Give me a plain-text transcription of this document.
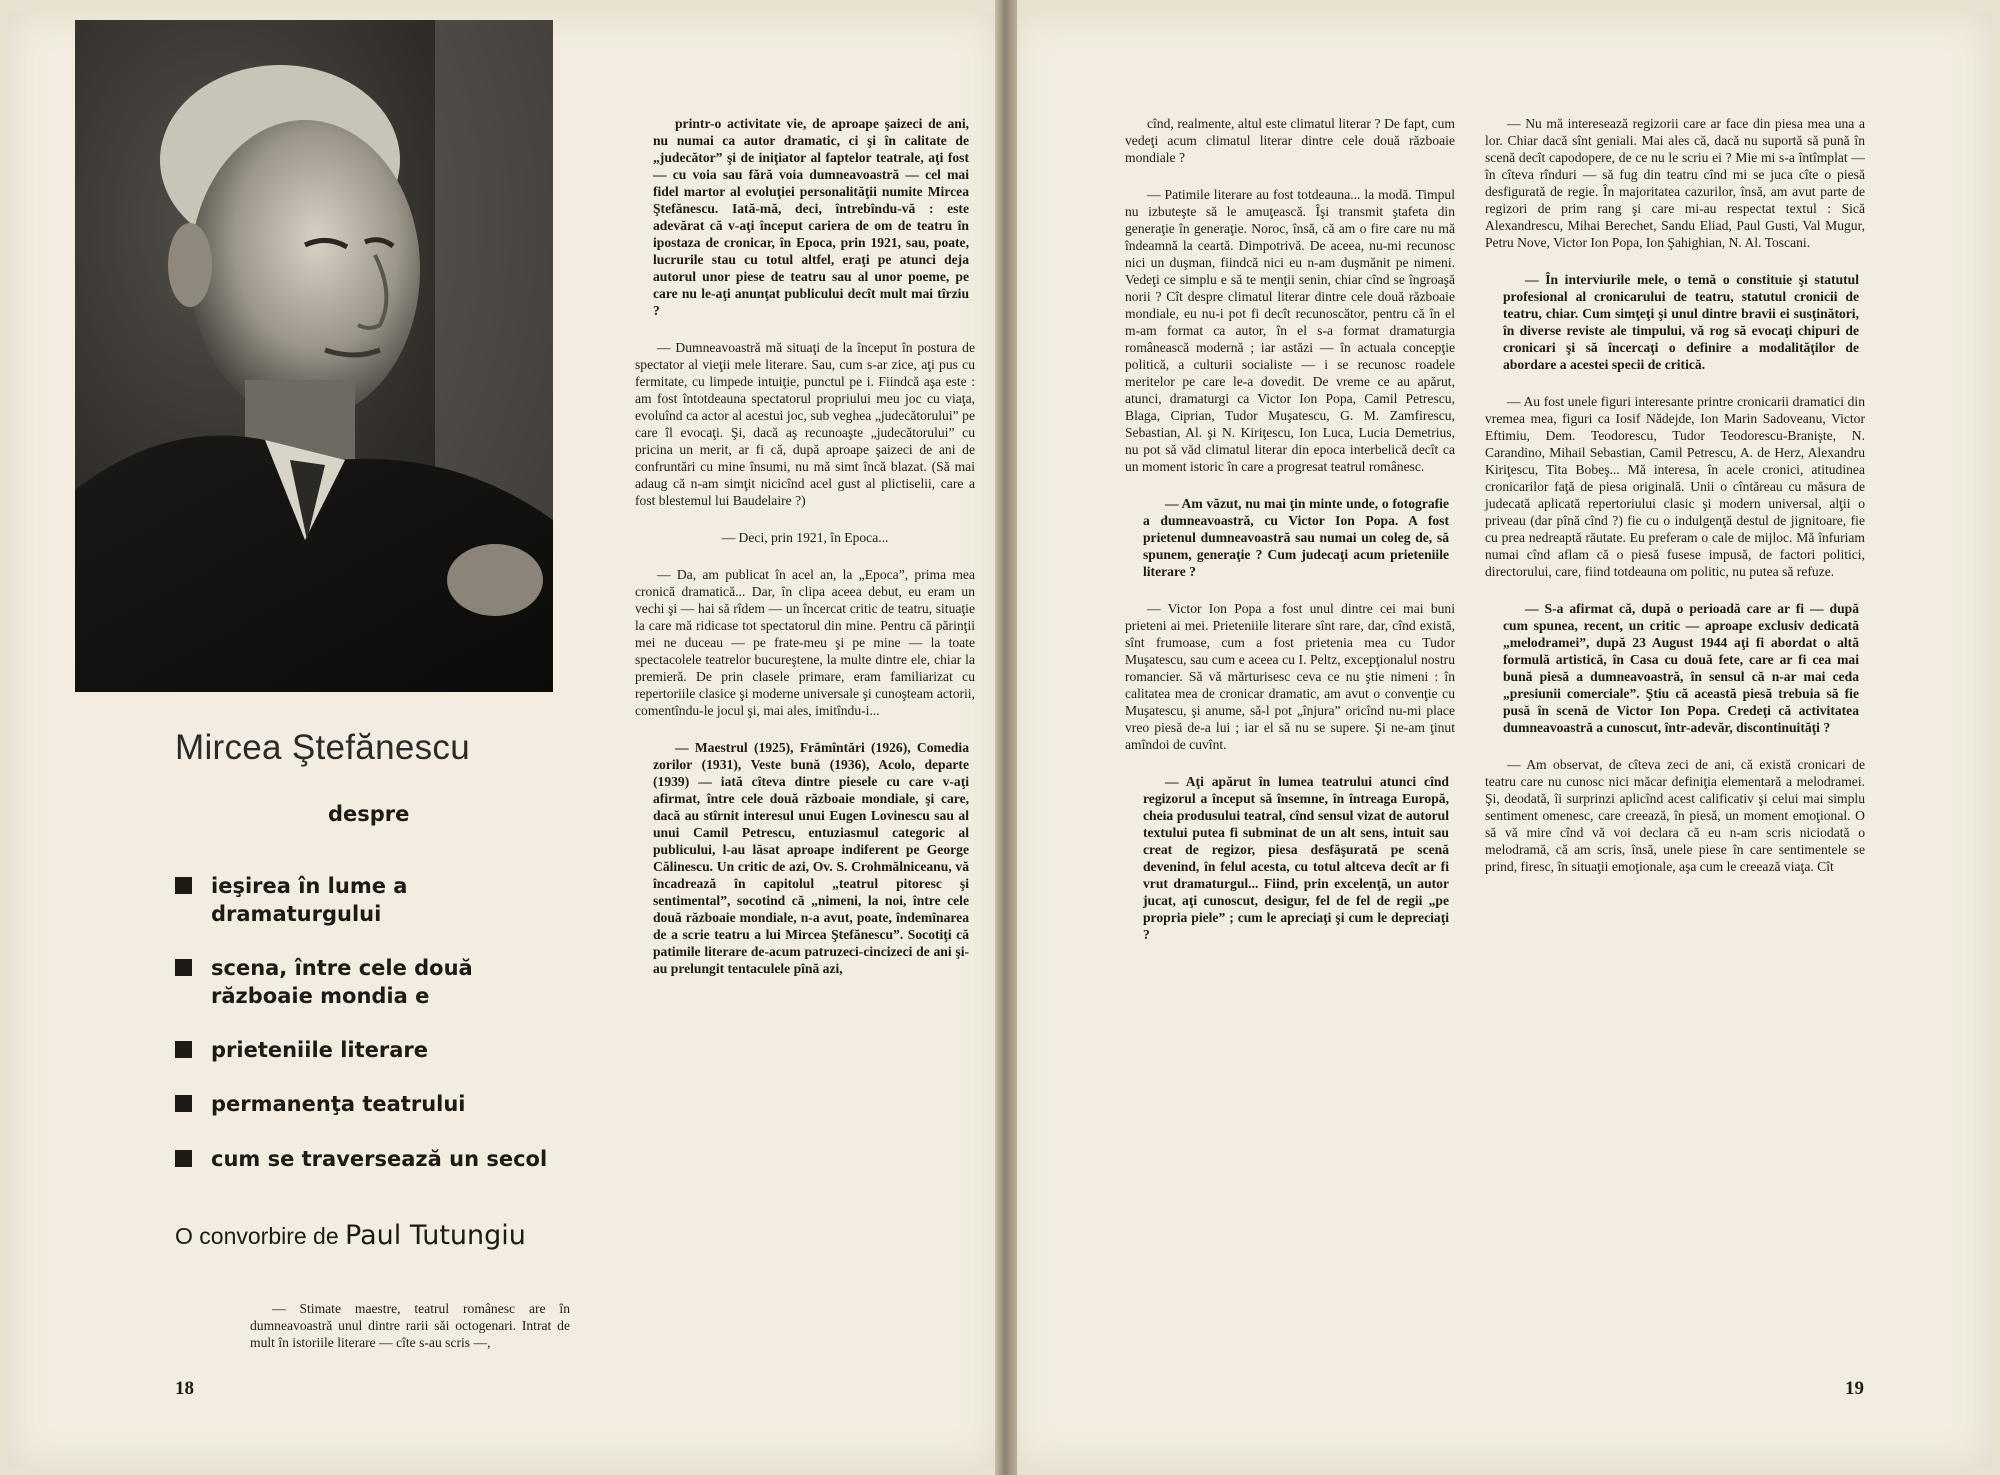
Mircea Ştefănescu
despre
ieşirea în lume a dramaturgului
scena, între cele două războaie mondia e
prieteniile literare
permanenţa teatrului
cum se traversează un secol
O convorbire de Paul Tutungiu

— Stimate maestre, teatrul românesc are în dumneavoastră unul dintre rarii săi octogenari. Intrat de mult în istoriile literare — cîte s-au scris —,

printr-o activitate vie, de aproape şaizeci de ani, nu numai ca autor dramatic, ci şi în calitate de „judecător” şi de iniţiator al faptelor teatrale, aţi fost — cu voia sau fără voia dumneavoastră — cel mai fidel martor al evoluţiei personalităţii numite Mircea Ştefănescu. Iată-mă, deci, întrebîndu-vă : este adevărat că v-aţi început cariera de om de teatru în ipostaza de cronicar, în Epoca, prin 1921, sau, poate, lucrurile stau cu totul altfel, eraţi pe atunci deja autorul unor piese de teatru sau al unor poeme, pe care nu le-aţi anunţat publicului decît mult mai tîrziu ?

— Dumneavoastră mă situaţi de la început în postura de spectator al vieţii mele literare. Sau, cum s-ar zice, aţi pus cu fermitate, cu limpede intuiţie, punctul pe i. Fiindcă aşa este : am fost întotdeauna spectatorul propriului meu joc cu viaţa, evoluînd ca actor al acestui joc, sub veghea „judecătorului” pe care îl evocaţi. Şi, dacă aş recunoaşte „judecătorului” cu pricina un merit, ar fi că, după aproape şaizeci de ani de confruntări cu mine însumi, nu mă simt încă blazat. (Să mai adaug că n-am simţit nicicînd acel gust al plictiselii, care a fost blestemul lui Baudelaire ?)

— Deci, prin 1921, în Epoca...

— Da, am publicat în acel an, la „Epoca”, prima mea cronică dramatică... Dar, în clipa aceea debut, eu eram un vechi şi — hai să rîdem — un încercat critic de teatru, situaţie la care mă ridicase tot spectatorul din mine. Pentru că părinţii mei ne duceau — pe frate-meu şi pe mine — la toate spectacolele teatrelor bucureştene, la multe dintre ele, chiar la premieră. De prin clasele primare, eram familiarizat cu repertoriile clasice şi moderne universale şi cunoşteam actorii, comentîndu-le jocul şi, mai ales, imitîndu-i...

— Maestrul (1925), Frămîntări (1926), Comedia zorilor (1931), Veste bună (1936), Acolo, departe (1939) — iată cîteva dintre piesele cu care v-aţi afirmat, între cele două războaie mondiale, şi care, dacă au stîrnit interesul unui Eugen Lovinescu sau al unui Camil Petrescu, entuziasmul categoric al publicului, l-au lăsat aproape indiferent pe George Călinescu. Un critic de azi, Ov. S. Crohmălniceanu, vă încadrează în capitolul „teatrul pitoresc şi sentimental”, socotind că „nimeni, la noi, între cele două războaie mondiale, n-a avut, poate, îndemînarea de a scrie teatru a lui Mircea Ştefănescu”. Socotiţi că patimile literare de-acum patruzeci-cincizeci de ani şi-au prelungit tentaculele pînă azi,

18

cînd, realmente, altul este climatul literar ? De fapt, cum vedeţi acum climatul literar dintre cele două războaie mondiale ?

— Patimile literare au fost totdeauna... la modă. Timpul nu izbuteşte să le amuţească. Îşi transmit ştafeta din generaţie în generaţie. Noroc, însă, că am o fire care nu mă îndeamnă la ceartă. Dimpotrivă. De aceea, nu-mi recunosc nici un duşman, fiindcă nici eu n-am duşmănit pe nimeni. Vedeţi ce simplu e să te menţii senin, chiar cînd se îngroaşă norii ? Cît despre climatul literar dintre cele două războaie mondiale, eu nu-i pot fi decît recunoscător, pentru că în el m-am format ca autor, în el s-a format dramaturgia românească modernă ; iar astăzi — în actuala concepţie politică, a culturii socialiste — i se recunosc roadele meritelor pe care le-a dovedit. De vreme ce au apărut, atunci, dramaturgi ca Victor Ion Popa, Camil Petrescu, Blaga, Ciprian, Tudor Muşatescu, G. M. Zamfirescu, Sebastian, Al. şi N. Kiriţescu, Ion Luca, Lucia Demetrius, nu pot să văd climatul literar din epoca interbelică decît ca un moment istoric în care a progresat teatrul românesc.

— Am văzut, nu mai ţin minte unde, o fotografie a dumneavoastră, cu Victor Ion Popa. A fost prietenul dumneavoastră sau numai un coleg de, să spunem, generaţie ? Cum judecaţi acum prieteniile literare ?

— Victor Ion Popa a fost unul dintre cei mai buni prieteni ai mei. Prieteniile literare sînt rare, dar, cînd există, sînt frumoase, cum a fost prietenia mea cu Tudor Muşatescu, sau cum e aceea cu I. Peltz, excepţionalul nostru romancier. Să vă mărturisesc ceva ce nu ştie nimeni : în calitatea mea de cronicar dramatic, am avut o convenţie cu Muşatescu, şi anume, să-l pot „înjura” oricînd nu-mi place vreo piesă de-a lui ; iar el să nu se supere. Şi ne-am ţinut amîndoi de cuvînt.

— Aţi apărut în lumea teatrului atunci cînd regizorul a început să însemne, în întreaga Europă, cheia produsului teatral, cînd sensul vizat de autorul textului putea fi subminat de un alt sens, intuit sau creat de regizor, piesa desfăşurată pe scenă devenind, în felul acesta, cu totul altceva decît ar fi vrut dramaturgul... Fiind, prin excelenţă, un autor jucat, aţi cunoscut, desigur, fel de fel de regii „pe propria piele” ; cum le apreciaţi şi cum le depreciaţi ?

— Nu mă interesează regizorii care ar face din piesa mea una a lor. Chiar dacă sînt geniali. Mai ales că, dacă nu suportă să pună în scenă decît capodopere, de ce nu le scriu ei ? Mie mi s-a întîmplat — în cîteva rînduri — să fug din teatru cînd mi se juca cîte o piesă desfigurată de regie. În majoritatea cazurilor, însă, am avut parte de regizori de prim rang şi care mi-au respectat textul : Sică Alexandrescu, Mihai Berechet, Sandu Eliad, Paul Gusti, Val Mugur, Petru Nove, Victor Ion Popa, Ion Şahighian, N. Al. Toscani.

— În interviurile mele, o temă o constituie şi statutul profesional al cronicarului de teatru, statutul cronicii de teatru, chiar. Cum simţeţi şi unul dintre bravii ei susţinători, în diverse reviste ale timpului, vă rog să evocaţi chipuri de cronicari şi să încercaţi o definire a modalităţilor de abordare a acestei specii de critică.

— Au fost unele figuri interesante printre cronicarii dramatici din vremea mea, figuri ca Iosif Nădejde, Ion Marin Sadoveanu, Victor Eftimiu, Dem. Teodorescu, Tudor Teodorescu-Branişte, N. Carandino, Mihail Sebastian, Camil Petrescu, A. de Herz, Alexandru Kiriţescu, Tita Bobeş... Mă interesa, în acele cronici, atitudinea cronicarilor faţă de piesa originală. Unii o cîntăreau cu măsura de judecată aplicată repertoriului clasic şi modern universal, alţii o priveau (dar pînă cînd ?) fie cu o indulgenţă destul de jignitoare, fie cu prea nedreaptă răutate. Eu preferam o cale de mijloc. Mă înfuriam numai cînd aflam că o piesă fusese impusă, de factori politici, directorului, care, fiind totdeauna om politic, nu putea să refuze.

— S-a afirmat că, după o perioadă care ar fi — după cum spunea, recent, un critic — aproape exclusiv dedicată „melodramei”, după 23 August 1944 aţi fi abordat o altă formulă artistică, în Casa cu două fete, care ar fi cea mai bună piesă a dumneavoastră, în sensul că n-ar mai ceda „presiunii comerciale”. Ştiu că această piesă trebuia să fie pusă în scenă de Victor Ion Popa. Credeţi că activitatea dumneavoastră a cunoscut, într-adevăr, discontinuităţi ?

— Am observat, de cîteva zeci de ani, că există cronicari de teatru care nu cunosc nici măcar definiţia elementară a melodramei. Şi, deodată, îi surprinzi aplicînd acest calificativ şi celui mai simplu sentiment omenesc, care creează, în piesă, un moment emoţional. O să vă mire cînd vă voi declara că eu n-am scris niciodată o melodramă, că am scris, însă, unele piese în care sentimentele se prind, firesc, în situaţii emoţionale, aşa cum le creează viaţa. Cît

19
